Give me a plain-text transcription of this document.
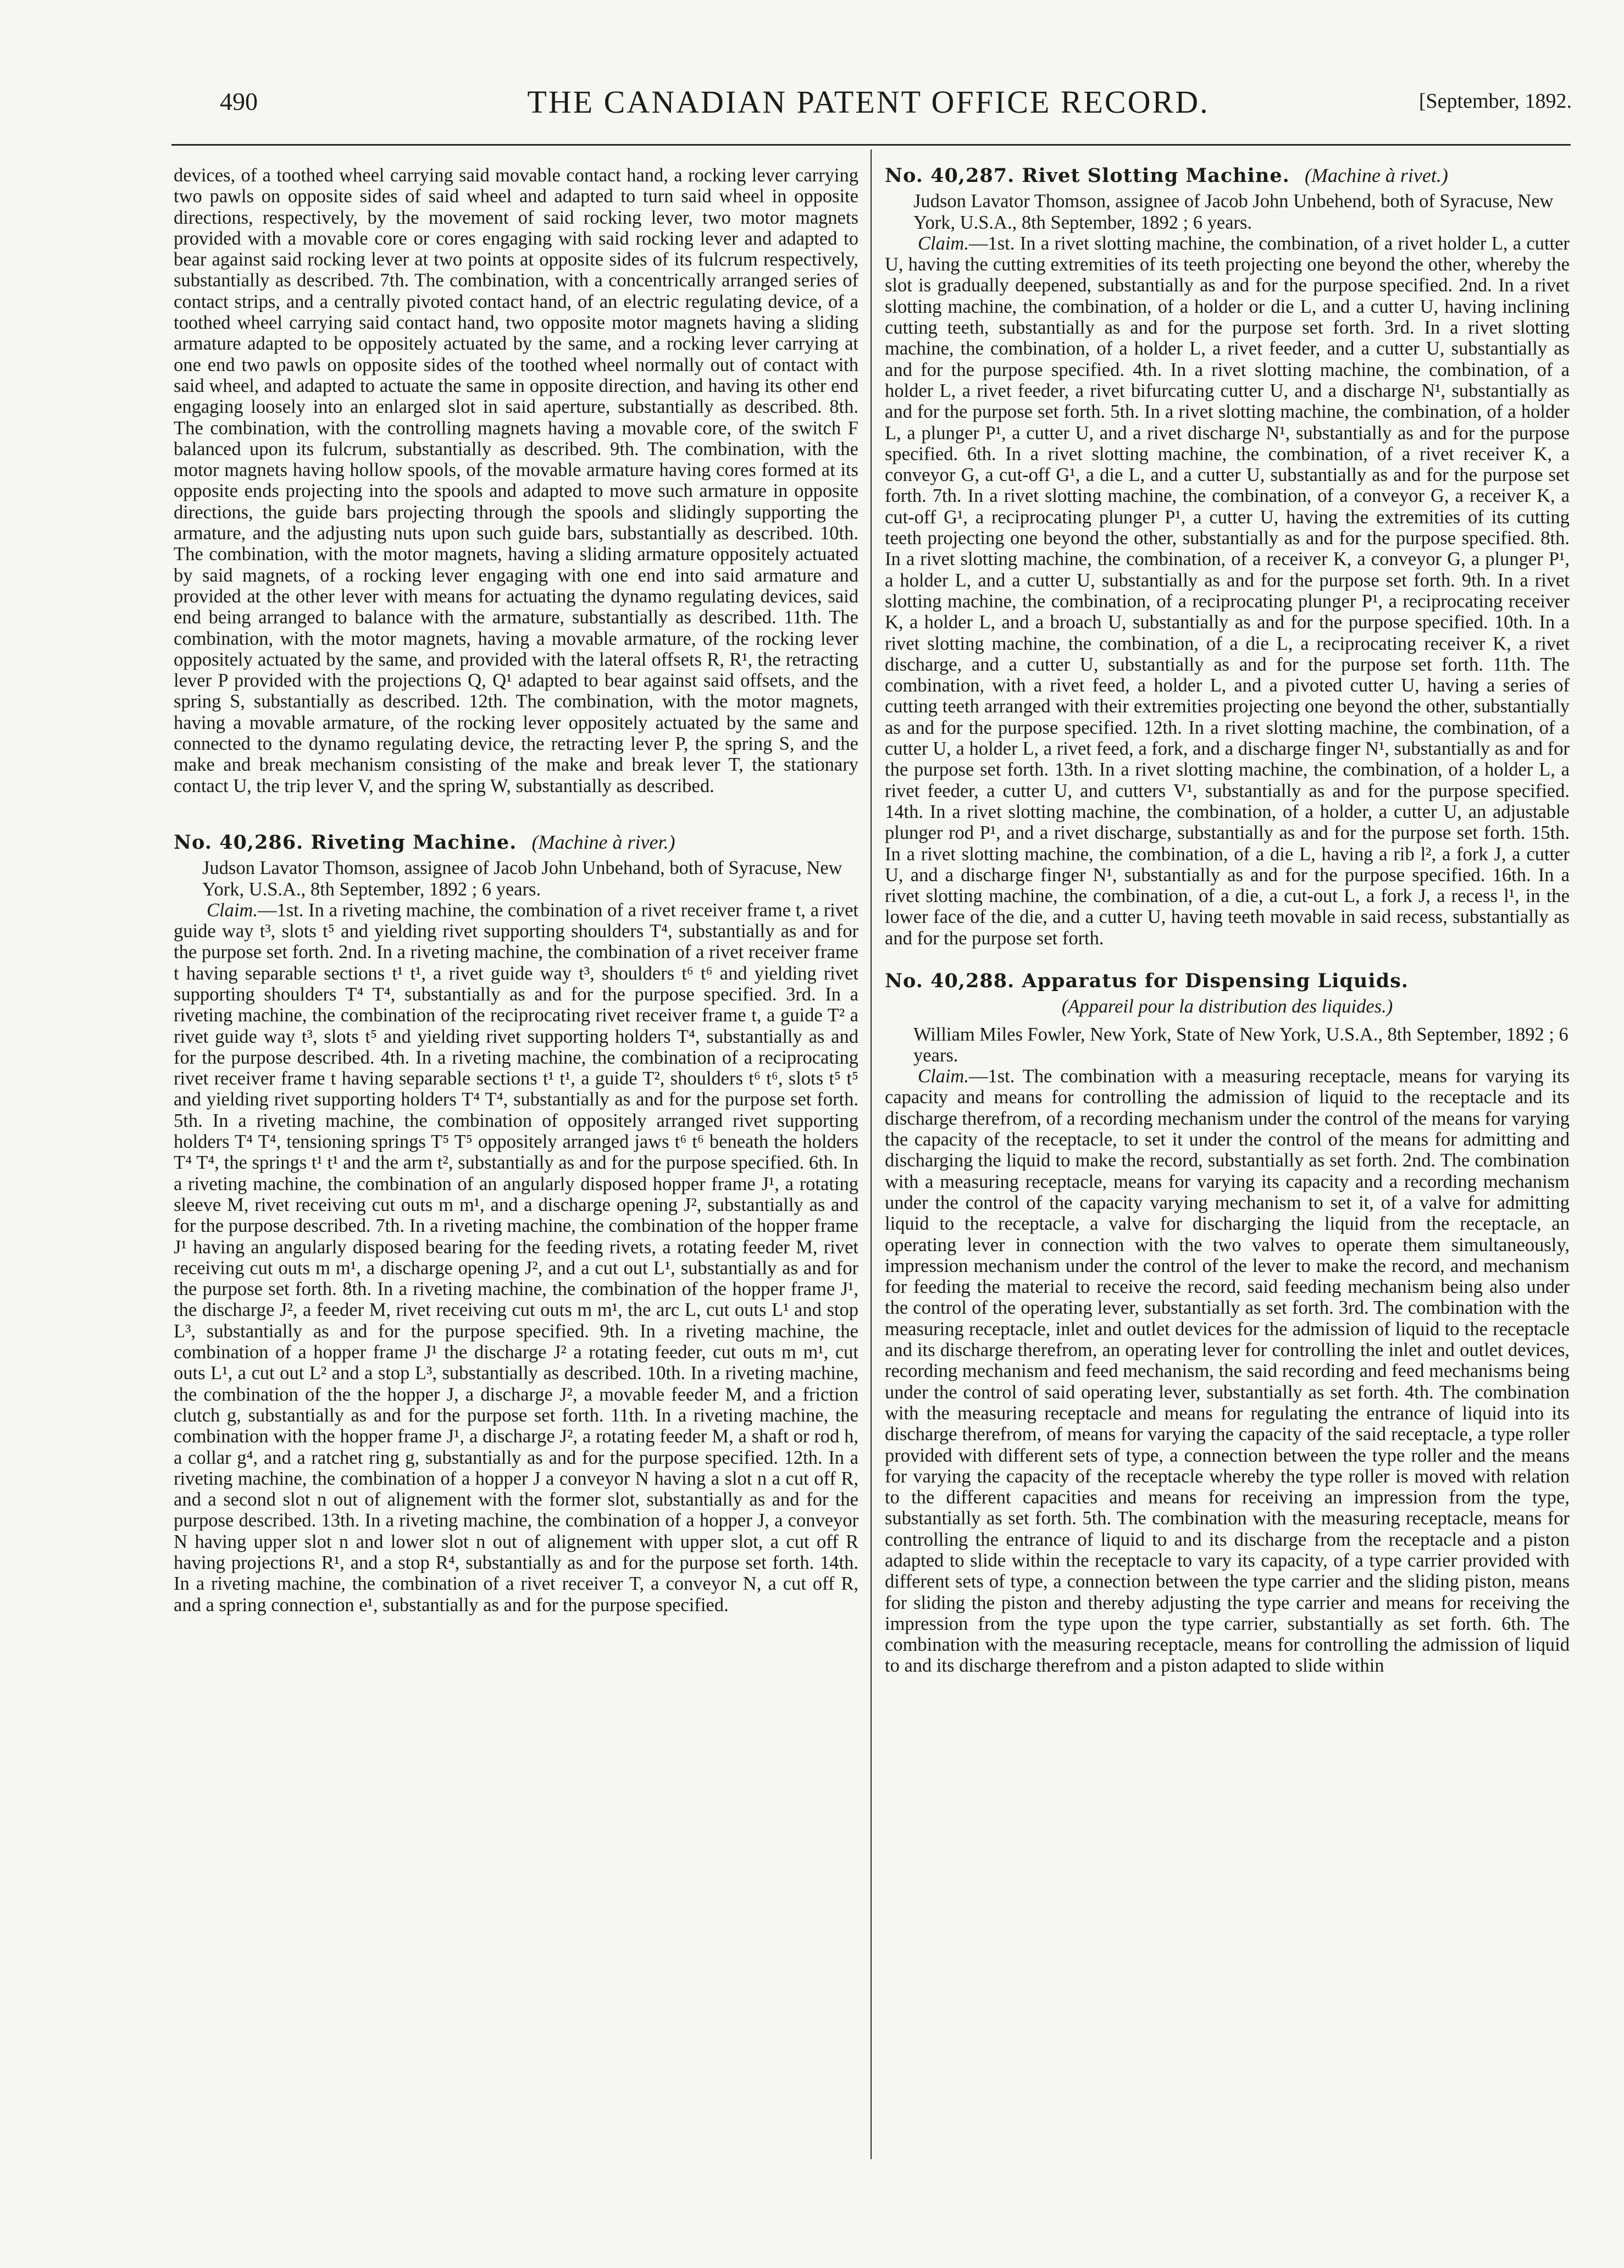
490	THE CANADIAN PATENT OFFICE RECORD.	[September, 1892.

devices, of a toothed wheel carrying said movable contact hand, a rocking lever carrying two pawls on opposite sides of said wheel and adapted to turn said wheel in opposite directions, respectively, by the movement of said rocking lever, two motor magnets provided with a movable core or cores engaging with said rocking lever and adapted to bear against said rocking lever at two points at opposite sides of its fulcrum respectively, substantially as described. 7th. The combination, with a concentrically arranged series of contact strips, and a centrally pivoted contact hand, of an electric regulating device, of a toothed wheel carrying said contact hand, two opposite motor magnets having a sliding armature adapted to be oppositely actuated by the same, and a rocking lever carrying at one end two pawls on opposite sides of the toothed wheel normally out of contact with said wheel, and adapted to actuate the same in opposite direction, and having its other end engaging loosely into an enlarged slot in said aperture, substantially as described. 8th. The combination, with the controlling magnets having a movable core, of the switch F balanced upon its fulcrum, substantially as described. 9th. The combination, with the motor magnets having hollow spools, of the movable armature having cores formed at its opposite ends projecting into the spools and adapted to move such armature in opposite directions, the guide bars projecting through the spools and slidingly supporting the armature, and the adjusting nuts upon such guide bars, substantially as described. 10th. The combination, with the motor magnets, having a sliding armature oppositely actuated by said magnets, of a rocking lever engaging with one end into said armature and provided at the other lever with means for actuating the dynamo regulating devices, said end being arranged to balance with the armature, substantially as described. 11th. The combination, with the motor magnets, having a movable armature, of the rocking lever oppositely actuated by the same, and provided with the lateral offsets R, R¹, the retracting lever P provided with the projections Q, Q¹ adapted to bear against said offsets, and the spring S, substantially as described. 12th. The combination, with the motor magnets, having a movable armature, of the rocking lever oppositely actuated by the same and connected to the dynamo regulating device, the retracting lever P, the spring S, and the make and break mechanism consisting of the make and break lever T, the stationary contact U, the trip lever V, and the spring W, substantially as described.

No. 40,286. Riveting Machine. (Machine à river.)

Judson Lavator Thomson, assignee of Jacob John Unbehand, both of Syracuse, New York, U.S.A., 8th September, 1892 ; 6 years.

Claim.—1st. In a riveting machine, the combination of a rivet receiver frame t, a rivet guide way t³, slots t⁵ and yielding rivet supporting shoulders T⁴, substantially as and for the purpose set forth. 2nd. In a riveting machine, the combination of a rivet receiver frame t having separable sections t¹ t¹, a rivet guide way t³, shoulders t⁶ t⁶ and yielding rivet supporting shoulders T⁴ T⁴, substantially as and for the purpose specified. 3rd. In a riveting machine, the combination of the reciprocating rivet receiver frame t, a guide T² a rivet guide way t³, slots t⁵ and yielding rivet supporting holders T⁴, substantially as and for the purpose described. 4th. In a riveting machine, the combination of a reciprocating rivet receiver frame t having separable sections t¹ t¹, a guide T², shoulders t⁶ t⁶, slots t⁵ t⁵ and yielding rivet supporting holders T⁴ T⁴, substantially as and for the purpose set forth. 5th. In a riveting machine, the combination of oppositely arranged rivet supporting holders T⁴ T⁴, tensioning springs T⁵ T⁵ oppositely arranged jaws t⁶ t⁶ beneath the holders T⁴ T⁴, the springs t¹ t¹ and the arm t², substantially as and for the purpose specified. 6th. In a riveting machine, the combination of an angularly disposed hopper frame J¹, a rotating sleeve M, rivet receiving cut outs m m¹, and a discharge opening J², substantially as and for the purpose described. 7th. In a riveting machine, the combination of the hopper frame J¹ having an angularly disposed bearing for the feeding rivets, a rotating feeder M, rivet receiving cut outs m m¹, a discharge opening J², and a cut out L¹, substantially as and for the purpose set forth. 8th. In a riveting machine, the combination of the hopper frame J¹, the discharge J², a feeder M, rivet receiving cut outs m m¹, the arc L, cut outs L¹ and stop L³, substantially as and for the purpose specified. 9th. In a riveting machine, the combination of a hopper frame J¹ the discharge J² a rotating feeder, cut outs m m¹, cut outs L¹, a cut out L² and a stop L³, substantially as described. 10th. In a riveting machine, the combination of the the hopper J, a discharge J², a movable feeder M, and a friction clutch g, substantially as and for the purpose set forth. 11th. In a riveting machine, the combination with the hopper frame J¹, a discharge J², a rotating feeder M, a shaft or rod h, a collar g⁴, and a ratchet ring g, substantially as and for the purpose specified. 12th. In a riveting machine, the combination of a hopper J a conveyor N having a slot n a cut off R, and a second slot n out of alignement with the former slot, substantially as and for the purpose described. 13th. In a riveting machine, the combination of a hopper J, a conveyor N having upper slot n and lower slot n out of alignement with upper slot, a cut off R having projections R¹, and a stop R⁴, substantially as and for the purpose set forth. 14th. In a riveting machine, the combination of a rivet receiver T, a conveyor N, a cut off R, and a spring connection e¹, substantially as and for the purpose specified.

No. 40,287. Rivet Slotting Machine. (Machine à rivet.)

Judson Lavator Thomson, assignee of Jacob John Unbehend, both of Syracuse, New York, U.S.A., 8th September, 1892 ; 6 years.

Claim.—1st. In a rivet slotting machine, the combination, of a rivet holder L, a cutter U, having the cutting extremities of its teeth projecting one beyond the other, whereby the slot is gradually deepened, substantially as and for the purpose specified. 2nd. In a rivet slotting machine, the combination, of a holder or die L, and a cutter U, having inclining cutting teeth, substantially as and for the purpose set forth. 3rd. In a rivet slotting machine, the combination, of a holder L, a rivet feeder, and a cutter U, substantially as and for the purpose specified. 4th. In a rivet slotting machine, the combination, of a holder L, a rivet feeder, a rivet bifurcating cutter U, and a discharge N¹, substantially as and for the purpose set forth. 5th. In a rivet slotting machine, the combination, of a holder L, a plunger P¹, a cutter U, and a rivet discharge N¹, substantially as and for the purpose specified. 6th. In a rivet slotting machine, the combination, of a rivet receiver K, a conveyor G, a cut-off G¹, a die L, and a cutter U, substantially as and for the purpose set forth. 7th. In a rivet slotting machine, the combination, of a conveyor G, a receiver K, a cut-off G¹, a reciprocating plunger P¹, a cutter U, having the extremities of its cutting teeth projecting one beyond the other, substantially as and for the purpose specified. 8th. In a rivet slotting machine, the combination, of a receiver K, a conveyor G, a plunger P¹, a holder L, and a cutter U, substantially as and for the purpose set forth. 9th. In a rivet slotting machine, the combination, of a reciprocating plunger P¹, a reciprocating receiver K, a holder L, and a broach U, substantially as and for the purpose specified. 10th. In a rivet slotting machine, the combination, of a die L, a reciprocating receiver K, a rivet discharge, and a cutter U, substantially as and for the purpose set forth. 11th. The combination, with a rivet feed, a holder L, and a pivoted cutter U, having a series of cutting teeth arranged with their extremities projecting one beyond the other, substantially as and for the purpose specified. 12th. In a rivet slotting machine, the combination, of a cutter U, a holder L, a rivet feed, a fork, and a discharge finger N¹, substantially as and for the purpose set forth. 13th. In a rivet slotting machine, the combination, of a holder L, a rivet feeder, a cutter U, and cutters V¹, substantially as and for the purpose specified. 14th. In a rivet slotting machine, the combination, of a holder, a cutter U, an adjustable plunger rod P¹, and a rivet discharge, substantially as and for the purpose set forth. 15th. In a rivet slotting machine, the combination, of a die L, having a rib l², a fork J, a cutter U, and a discharge finger N¹, substantially as and for the purpose specified. 16th. In a rivet slotting machine, the combination, of a die, a cut-out L, a fork J, a recess l¹, in the lower face of the die, and a cutter U, having teeth movable in said recess, substantially as and for the purpose set forth.

No. 40,288. Apparatus for Dispensing Liquids.
(Appareil pour la distribution des liquides.)

William Miles Fowler, New York, State of New York, U.S.A., 8th September, 1892 ; 6 years.

Claim.—1st. The combination with a measuring receptacle, means for varying its capacity and means for controlling the admission of liquid to the receptacle and its discharge therefrom, of a recording mechanism under the control of the means for varying the capacity of the receptacle, to set it under the control of the means for admitting and discharging the liquid to make the record, substantially as set forth. 2nd. The combination with a measuring receptacle, means for varying its capacity and a recording mechanism under the control of the capacity varying mechanism to set it, of a valve for admitting liquid to the receptacle, a valve for discharging the liquid from the receptacle, an operating lever in connection with the two valves to operate them simultaneously, impression mechanism under the control of the lever to make the record, and mechanism for feeding the material to receive the record, said feeding mechanism being also under the control of the operating lever, substantially as set forth. 3rd. The combination with the measuring receptacle, inlet and outlet devices for the admission of liquid to the receptacle and its discharge therefrom, an operating lever for controlling the inlet and outlet devices, recording mechanism and feed mechanism, the said recording and feed mechanisms being under the control of said operating lever, substantially as set forth. 4th. The combination with the measuring receptacle and means for regulating the entrance of liquid into its discharge therefrom, of means for varying the capacity of the said receptacle, a type roller provided with different sets of type, a connection between the type roller and the means for varying the capacity of the receptacle whereby the type roller is moved with relation to the different capacities and means for receiving an impression from the type, substantially as set forth. 5th. The combination with the measuring receptacle, means for controlling the entrance of liquid to and its discharge from the receptacle and a piston adapted to slide within the receptacle to vary its capacity, of a type carrier provided with different sets of type, a connection between the type carrier and the sliding piston, means for sliding the piston and thereby adjusting the type carrier and means for receiving the impression from the type upon the type carrier, substantially as set forth. 6th. The combination with the measuring receptacle, means for controlling the admission of liquid to and its discharge therefrom and a piston adapted to slide within
